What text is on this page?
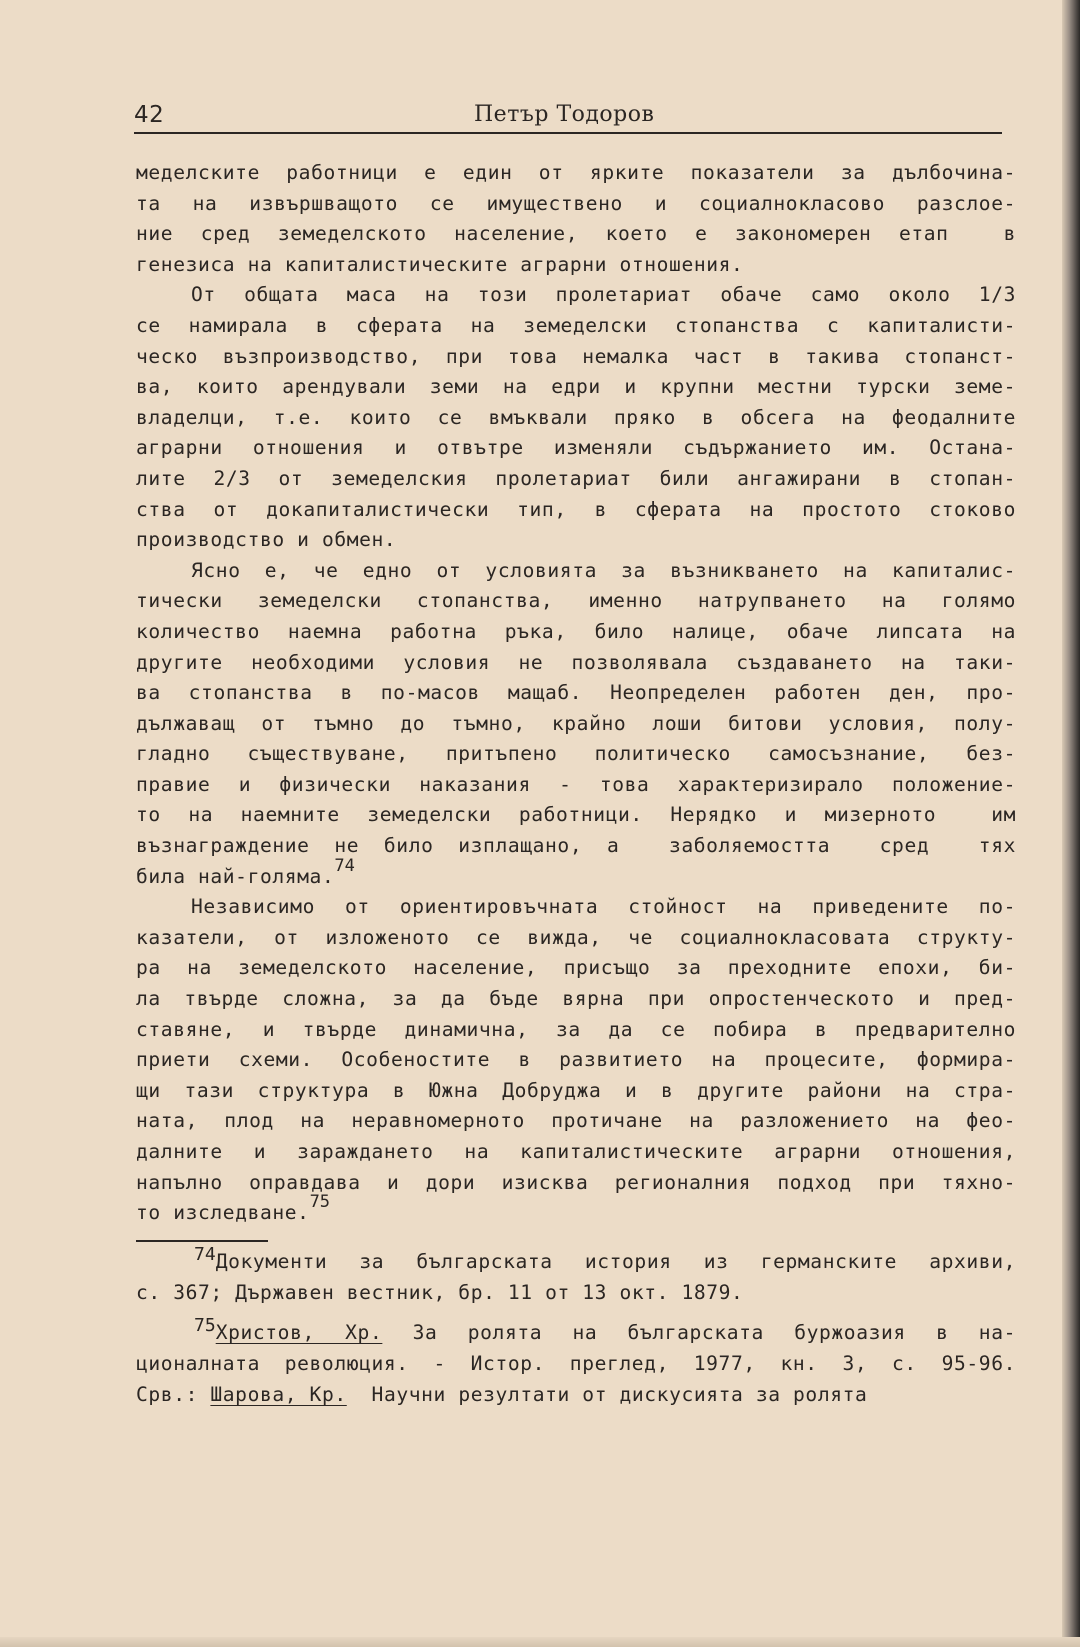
42	Петър Тодоров
меделските работници е един от ярките показатели за дълбочина-
та на извършващото се имуществено и социалнокласово разслое-
ние сред земеделското население, което е закономерен етап  в
генезиса на капиталистическите аграрни отношения.
От общата маса на този пролетариат обаче само около 1/3
се намирала в сферата на земеделски стопанства с капиталисти-
ческо възпроизводство, при това немалка част в такива стопанст-
ва, които арендували земи на едри и крупни местни турски земе-
владелци, т.е. които се вмъквали пряко в обсега на феодалните
аграрни отношения и отвътре изменяли съдържанието им. Остана-
лите 2/3 от земеделския пролетариат били ангажирани в стопан-
ства от докапиталистически тип, в сферата на простото стоково
производство и обмен.
Ясно е, че едно от условията за възникването на капиталис-
тически земеделски стопанства, именно натрупването на голямо
количество наемна работна ръка, било налице, обаче липсата на
другите необходими условия не позволявала създаването на таки-
ва стопанства в по-масов мащаб. Неопределен работен ден, про-
дължаващ от тъмно до тъмно, крайно лоши битови условия, полу-
гладно съществуване, притъпено политическо самосъзнание, без-
правие и физически наказания - това характеризирало положение-
то на наемните земеделски работници. Нерядко и мизерното  им
възнаграждение не било изплащано, а  заболяемостта  сред  тях
била най-голяма.$^{74}$
Независимо от ориентировъчната стойност на приведените по-
казатели, от изложеното се вижда, че социалнокласовата структу-
ра на земеделското население, присъщо за преходните епохи, би-
ла твърде сложна, за да бъде вярна при опростенческото и пред-
ставяне, и твърде динамична, за да се побира в предварително
приети схеми. Особеностите в развитието на процесите, формира-
щи тази структура в Южна Добруджа и в другите райони на стра-
ната, плод на неравномерното протичане на разложението на фео-
далните и зараждането на капиталистическите аграрни отношения,
напълно оправдава и дори изисква регионалния подход при тяхно-
то изследване.$^{75}$
74Документи за българската история из германските архиви,
с. 367; Държавен вестник, бр. 11 от 13 окт. 1879.
75Христов, Хр. За ролята на българската буржоазия в на-
ционалната революция. - Истор. преглед, 1977, кн. 3, с. 95-96.
Срв.: Шарова, Кр.  Научни резултати от дискусията за ролята
